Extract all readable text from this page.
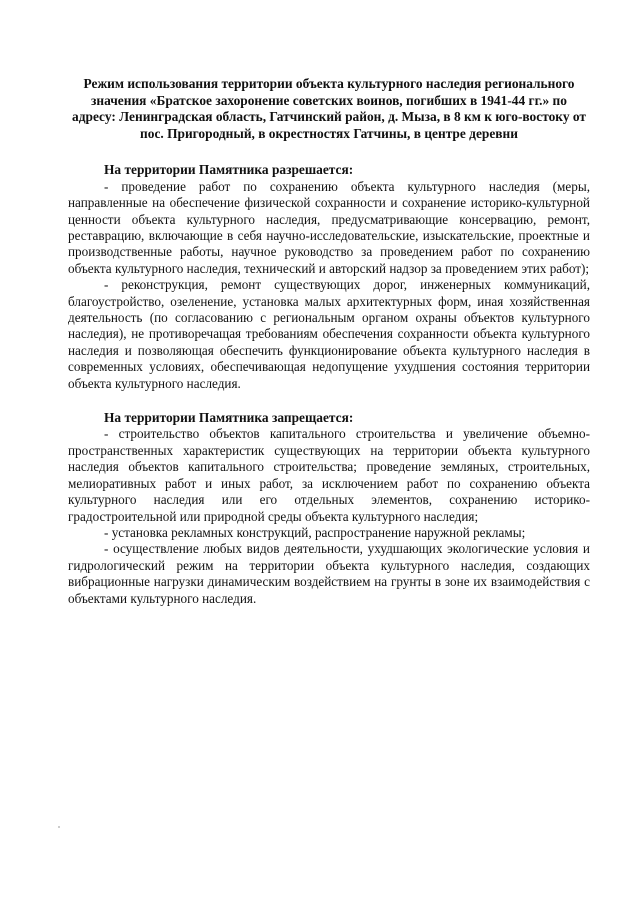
Режим использования территории объекта культурного наследия регионального значения «Братское захоронение советских воинов, погибших в 1941-44 гг.» по адресу: Ленинградская область, Гатчинский район, д. Мыза, в 8 км к юго-востоку от пос. Пригородный, в окрестностях Гатчины, в центре деревни

На территории Памятника разрешается:

- проведение работ по сохранению объекта культурного наследия (меры, направленные на обеспечение физической сохранности и сохранение историко-культурной ценности объекта культурного наследия, предусматривающие консервацию, ремонт, реставрацию, включающие в себя научно-исследовательские, изыскательские, проектные и производственные работы, научное руководство за проведением работ по сохранению объекта культурного наследия, технический и авторский надзор за проведением этих работ);

- реконструкция, ремонт существующих дорог, инженерных коммуникаций, благоустройство, озеленение, установка малых архитектурных форм, иная хозяйственная деятельность (по согласованию с региональным органом охраны объектов культурного наследия), не противоречащая требованиям обеспечения сохранности объекта культурного наследия и позволяющая обеспечить функционирование объекта культурного наследия в современных условиях, обеспечивающая недопущение ухудшения состояния территории объекта культурного наследия.

На территории Памятника запрещается:

- строительство объектов капитального строительства и увеличение объемно-пространственных характеристик существующих на территории объекта культурного наследия объектов капитального строительства; проведение земляных, строительных, мелиоративных работ и иных работ, за исключением работ по сохранению объекта культурного наследия или его отдельных элементов, сохранению историко-градостроительной или природной среды объекта культурного наследия;

- установка рекламных конструкций, распространение наружной рекламы;

- осуществление любых видов деятельности, ухудшающих экологические условия и гидрологический режим на территории объекта культурного наследия, создающих вибрационные нагрузки динамическим воздействием на грунты в зоне их взаимодействия с объектами культурного наследия.
